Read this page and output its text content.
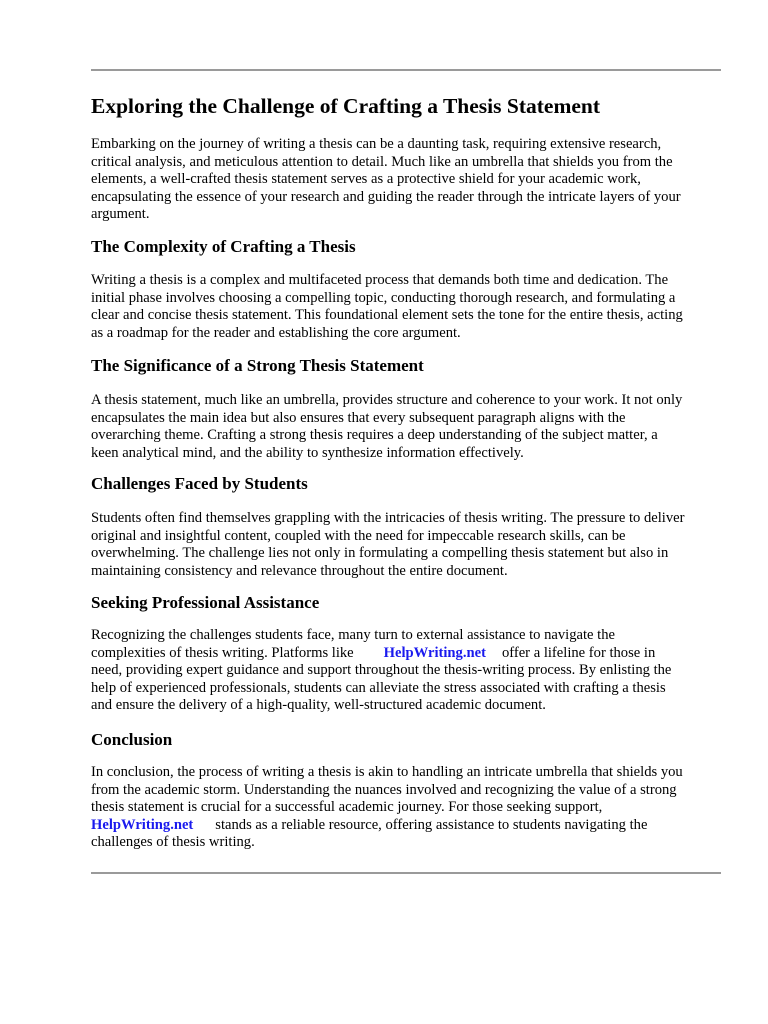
Exploring the Challenge of Crafting a Thesis Statement

Embarking on the journey of writing a thesis can be a daunting task, requiring extensive research,
critical analysis, and meticulous attention to detail. Much like an umbrella that shields you from the
elements, a well-crafted thesis statement serves as a protective shield for your academic work,
encapsulating the essence of your research and guiding the reader through the intricate layers of your
argument.

The Complexity of Crafting a Thesis

Writing a thesis is a complex and multifaceted process that demands both time and dedication. The
initial phase involves choosing a compelling topic, conducting thorough research, and formulating a
clear and concise thesis statement. This foundational element sets the tone for the entire thesis, acting
as a roadmap for the reader and establishing the core argument.

The Significance of a Strong Thesis Statement

A thesis statement, much like an umbrella, provides structure and coherence to your work. It not only
encapsulates the main idea but also ensures that every subsequent paragraph aligns with the
overarching theme. Crafting a strong thesis requires a deep understanding of the subject matter, a
keen analytical mind, and the ability to synthesize information effectively.

Challenges Faced by Students

Students often find themselves grappling with the intricacies of thesis writing. The pressure to deliver
original and insightful content, coupled with the need for impeccable research skills, can be
overwhelming. The challenge lies not only in formulating a compelling thesis statement but also in
maintaining consistency and relevance throughout the entire document.

Seeking Professional Assistance

Recognizing the challenges students face, many turn to external assistance to navigate the
complexities of thesis writing. Platforms like HelpWriting.net offer a lifeline for those in
need, providing expert guidance and support throughout the thesis-writing process. By enlisting the
help of experienced professionals, students can alleviate the stress associated with crafting a thesis
and ensure the delivery of a high-quality, well-structured academic document.

Conclusion

In conclusion, the process of writing a thesis is akin to handling an intricate umbrella that shields you
from the academic storm. Understanding the nuances involved and recognizing the value of a strong
thesis statement is crucial for a successful academic journey. For those seeking support,
HelpWriting.net stands as a reliable resource, offering assistance to students navigating the
challenges of thesis writing.
